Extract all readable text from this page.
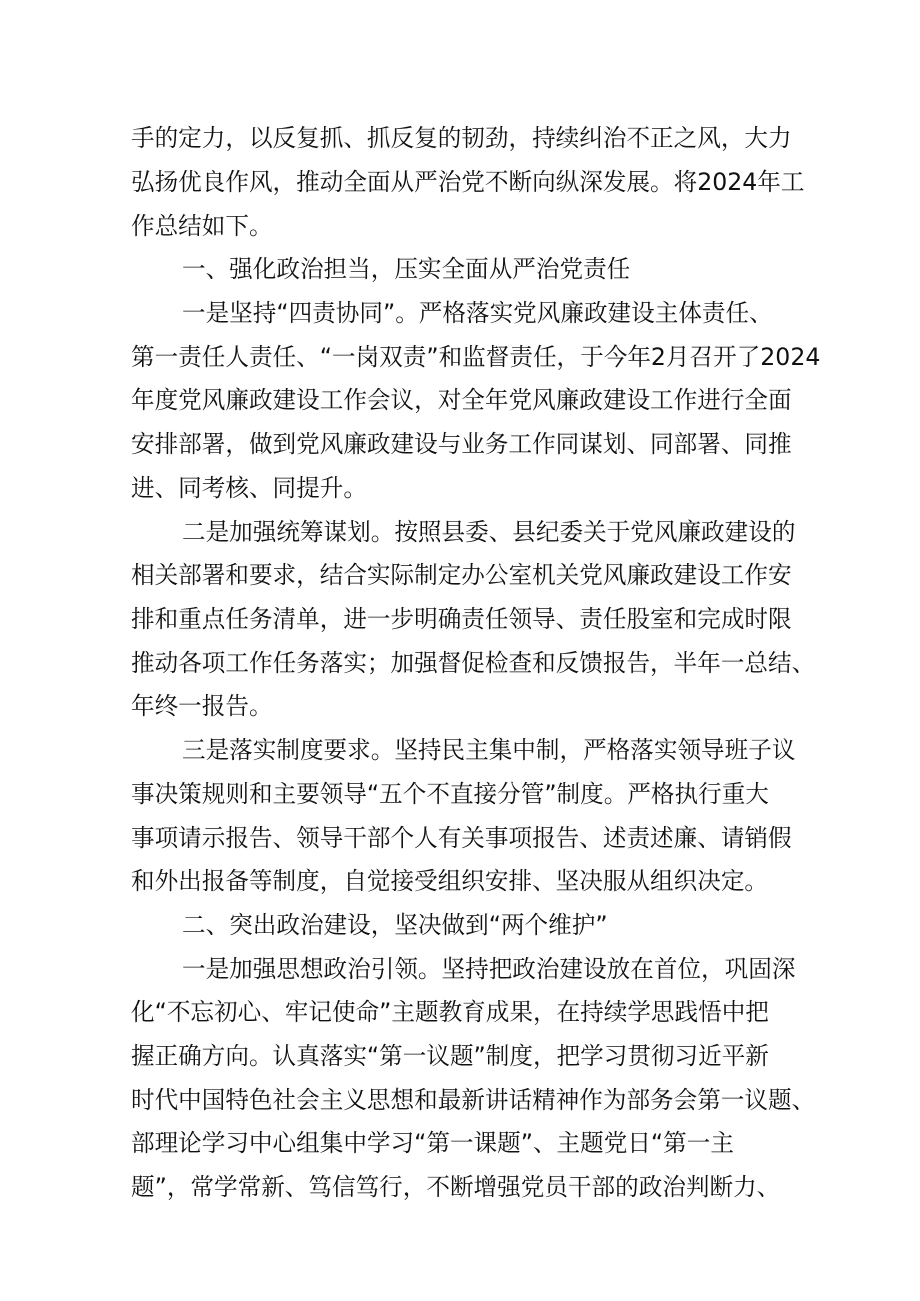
手的定力，以反复抓、抓反复的韧劲，持续纠治不正之风，大力
弘扬优良作风，推动全面从严治党不断向纵深发展。将2024年工
作总结如下。
一、强化政治担当，压实全面从严治党责任
一是坚持“四责协同”。严格落实党风廉政建设主体责任、
第一责任人责任、“一岗双责”和监督责任，于今年2月召开了2024
年度党风廉政建设工作会议，对全年党风廉政建设工作进行全面
安排部署，做到党风廉政建设与业务工作同谋划、同部署、同推
进、同考核、同提升。
二是加强统筹谋划。按照县委、县纪委关于党风廉政建设的
相关部署和要求，结合实际制定办公室机关党风廉政建设工作安
排和重点任务清单，进一步明确责任领导、责任股室和完成时限
推动各项工作任务落实；加强督促检查和反馈报告，半年一总结、
年终一报告。
三是落实制度要求。坚持民主集中制，严格落实领导班子议
事决策规则和主要领导“五个不直接分管”制度。严格执行重大
事项请示报告、领导干部个人有关事项报告、述责述廉、请销假
和外出报备等制度，自觉接受组织安排、坚决服从组织决定。
二、突出政治建设，坚决做到“两个维护”
一是加强思想政治引领。坚持把政治建设放在首位，巩固深
化“不忘初心、牢记使命”主题教育成果，在持续学思践悟中把
握正确方向。认真落实“第一议题”制度，把学习贯彻习近平新
时代中国特色社会主义思想和最新讲话精神作为部务会第一议题、
部理论学习中心组集中学习“第一课题”、主题党日“第一主
题”，常学常新、笃信笃行，不断增强党员干部的政治判断力、
